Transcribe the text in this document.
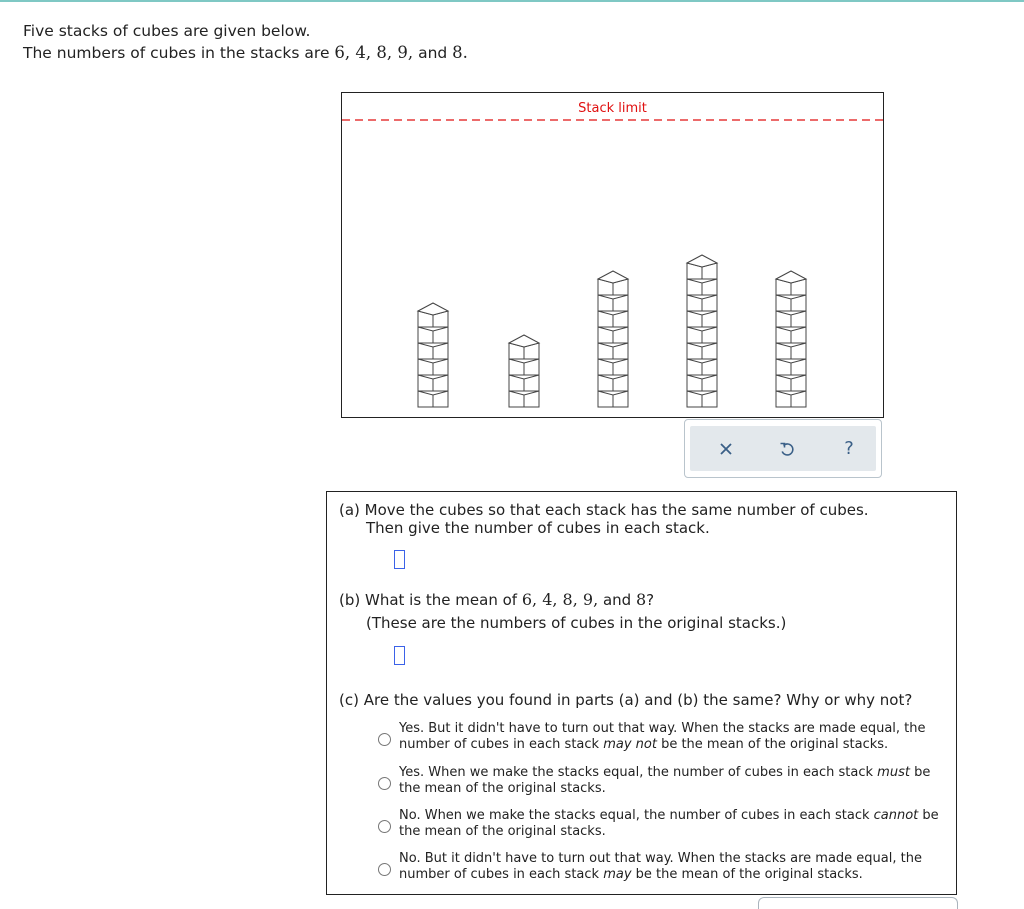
Five stacks of cubes are given below.
The numbers of cubes in the stacks are 6, 4, 8, 9, and 8.
Stack limit
?
(a) Move the cubes so that each stack has the same number of cubes.
Then give the number of cubes in each stack.
(b) What is the mean of 6, 4, 8, 9, and 8?
(These are the numbers of cubes in the original stacks.)
(c) Are the values you found in parts (a) and (b) the same? Why or why not?
Yes. But it didn't have to turn out that way. When the stacks are made equal, the number of cubes in each stack may not be the mean of the original stacks.
Yes. When we make the stacks equal, the number of cubes in each stack must be the mean of the original stacks.
No. When we make the stacks equal, the number of cubes in each stack cannot be the mean of the original stacks.
No. But it didn't have to turn out that way. When the stacks are made equal, the number of cubes in each stack may be the mean of the original stacks.
